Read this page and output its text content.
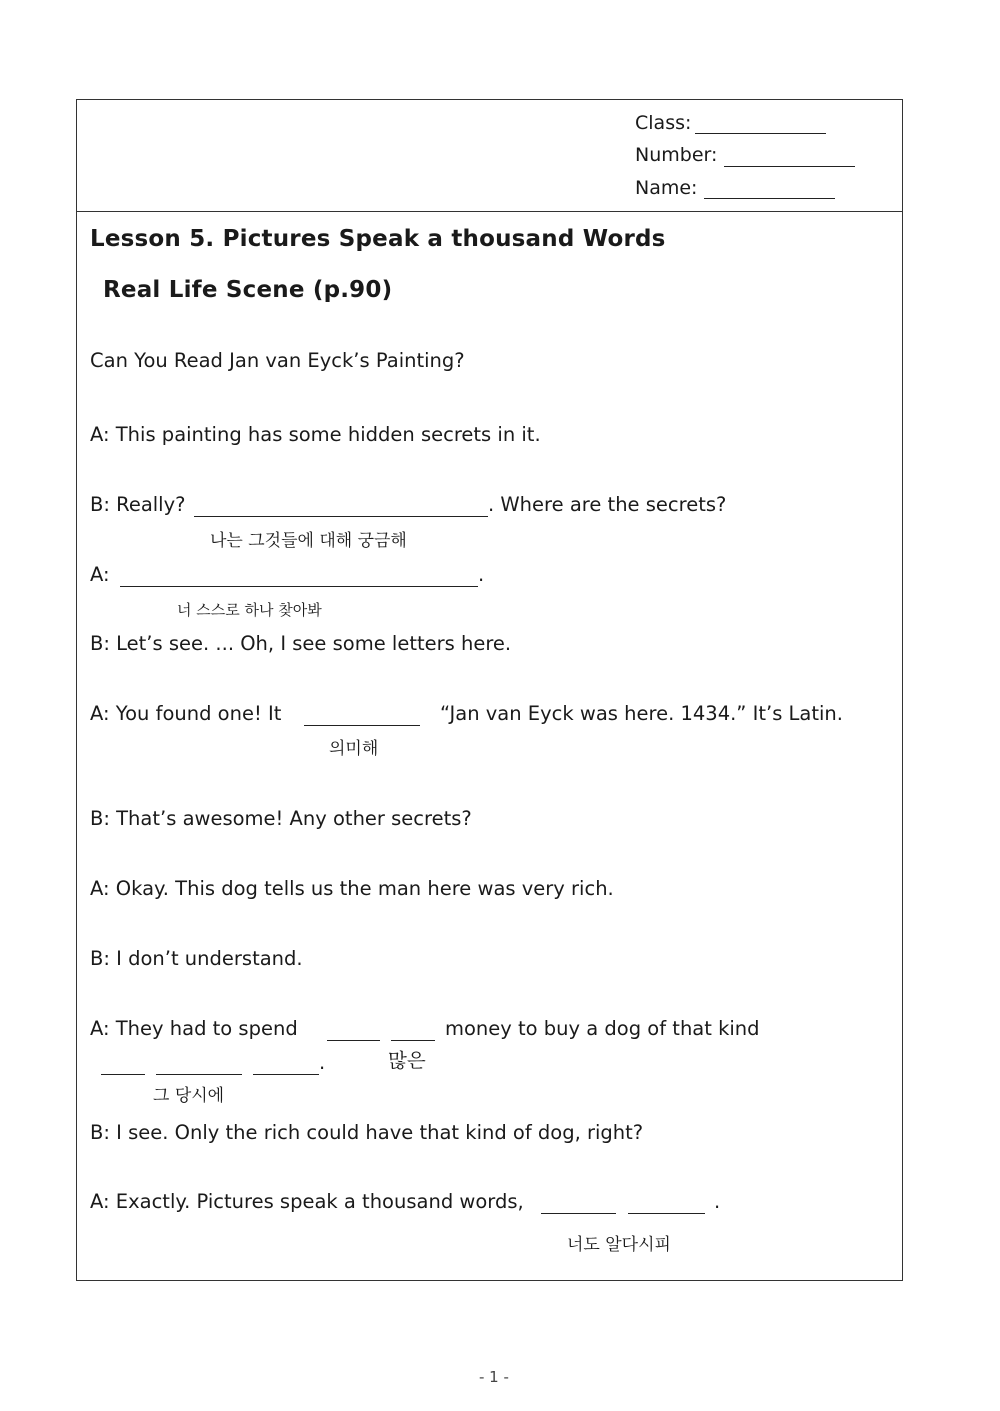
Class:
Number:
Name:
Lesson 5. Pictures Speak a thousand Words
Real Life Scene (p.90)
Can You Read Jan van Eyck’s Painting?
A: This painting has some hidden secrets in it.
B: Really?	. Where are the secrets?
나는 그것들에 대해 궁금해
A:	.
너 스스로 하나 찾아봐
B: Let’s see. ... Oh, I see some letters here.
A: You found one! It	“Jan van Eyck was here. 1434.” It’s Latin.
의미해
B: That’s awesome! Any other secrets?
A: Okay. This dog tells us the man here was very rich.
B: I don’t understand.
A: They had to spend	money to buy a dog of that kind
.	많은
그 당시에
B: I see. Only the rich could have that kind of dog, right?
A: Exactly. Pictures speak a thousand words,	.
너도 알다시피
- 1 -
